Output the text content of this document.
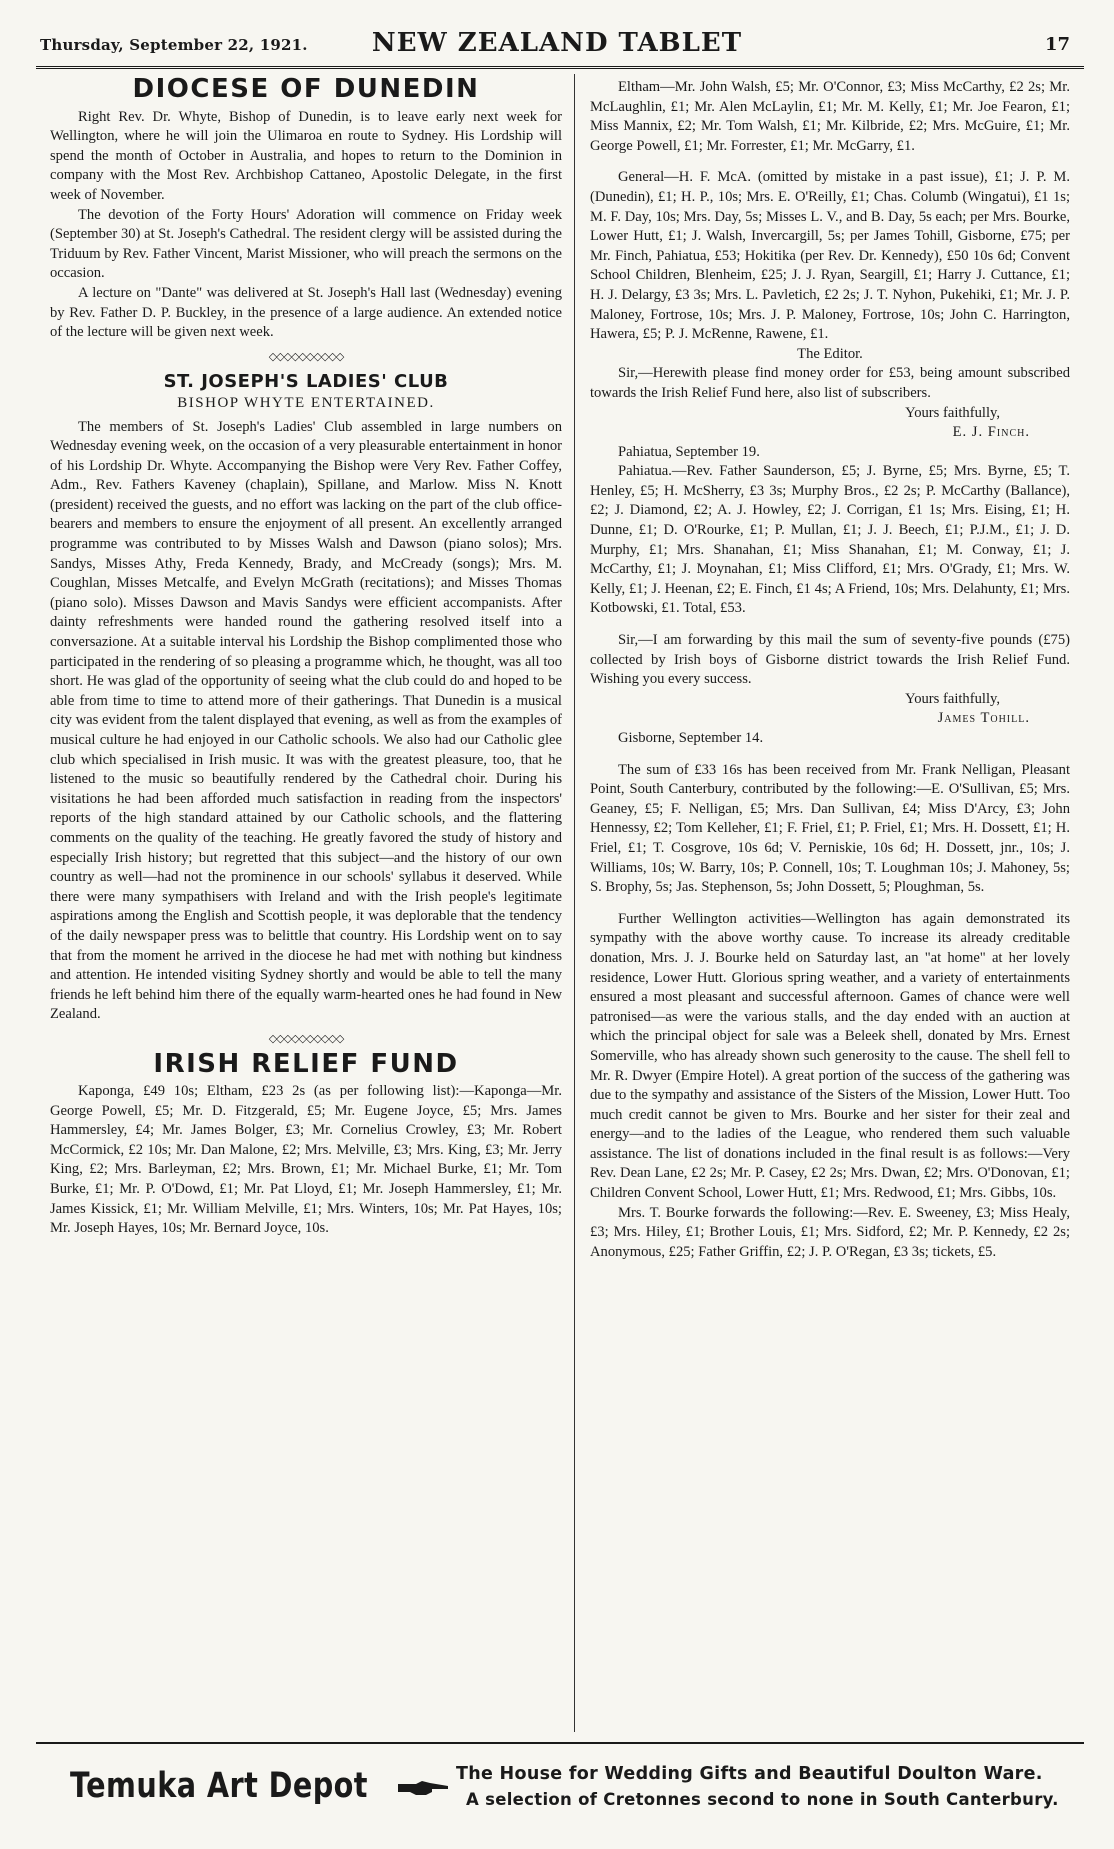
Thursday, September 22, 1921.	NEW ZEALAND TABLET	17
DIOCESE OF DUNEDIN

Right Rev. Dr. Whyte, Bishop of Dunedin, is to leave early next week for Wellington, where he will join the Ulimaroa en route to Sydney. His Lordship will spend the month of October in Australia, and hopes to return to the Dominion in company with the Most Rev. Archbishop Cattaneo, Apostolic Delegate, in the first week of November.

The devotion of the Forty Hours' Adoration will commence on Friday week (September 30) at St. Joseph's Cathedral. The resident clergy will be assisted during the Triduum by Rev. Father Vincent, Marist Missioner, who will preach the sermons on the occasion.

A lecture on "Dante" was delivered at St. Joseph's Hall last (Wednesday) evening by Rev. Father D. P. Buckley, in the presence of a large audience. An extended notice of the lecture will be given next week.

◇◇◇◇◇◇◇◇◇◇
ST. JOSEPH'S LADIES' CLUB
BISHOP WHYTE ENTERTAINED.

The members of St. Joseph's Ladies' Club assembled in large numbers on Wednesday evening week, on the occasion of a very pleasurable entertainment in honor of his Lordship Dr. Whyte. Accompanying the Bishop were Very Rev. Father Coffey, Adm., Rev. Fathers Kaveney (chaplain), Spillane, and Marlow. Miss N. Knott (president) received the guests, and no effort was lacking on the part of the club office-bearers and members to ensure the enjoyment of all present. An excellently arranged programme was contributed to by Misses Walsh and Dawson (piano solos); Mrs. Sandys, Misses Athy, Freda Kennedy, Brady, and McCready (songs); Mrs. M. Coughlan, Misses Metcalfe, and Evelyn McGrath (recitations); and Misses Thomas (piano solo). Misses Dawson and Mavis Sandys were efficient accompanists. After dainty refreshments were handed round the gathering resolved itself into a conversazione. At a suitable interval his Lordship the Bishop complimented those who participated in the rendering of so pleasing a programme which, he thought, was all too short. He was glad of the opportunity of seeing what the club could do and hoped to be able from time to time to attend more of their gatherings. That Dunedin is a musical city was evident from the talent displayed that evening, as well as from the examples of musical culture he had enjoyed in our Catholic schools. We also had our Catholic glee club which specialised in Irish music. It was with the greatest pleasure, too, that he listened to the music so beautifully rendered by the Cathedral choir. During his visitations he had been afforded much satisfaction in reading from the inspectors' reports of the high standard attained by our Catholic schools, and the flattering comments on the quality of the teaching. He greatly favored the study of history and especially Irish history; but regretted that this subject—and the history of our own country as well—had not the prominence in our schools' syllabus it deserved. While there were many sympathisers with Ireland and with the Irish people's legitimate aspirations among the English and Scottish people, it was deplorable that the tendency of the daily newspaper press was to belittle that country. His Lordship went on to say that from the moment he arrived in the diocese he had met with nothing but kindness and attention. He intended visiting Sydney shortly and would be able to tell the many friends he left behind him there of the equally warm-hearted ones he had found in New Zealand.

◇◇◇◇◇◇◇◇◇◇
IRISH RELIEF FUND

Kaponga, £49 10s; Eltham, £23 2s (as per following list):—Kaponga—Mr. George Powell, £5; Mr. D. Fitzgerald, £5; Mr. Eugene Joyce, £5; Mrs. James Hammersley, £4; Mr. James Bolger, £3; Mr. Cornelius Crowley, £3; Mr. Robert McCormick, £2 10s; Mr. Dan Malone, £2; Mrs. Melville, £3; Mrs. King, £3; Mr. Jerry King, £2; Mrs. Barleyman, £2; Mrs. Brown, £1; Mr. Michael Burke, £1; Mr. Tom Burke, £1; Mr. P. O'Dowd, £1; Mr. Pat Lloyd, £1; Mr. Joseph Hammersley, £1; Mr. James Kissick, £1; Mr. William Melville, £1; Mrs. Winters, 10s; Mr. Pat Hayes, 10s; Mr. Joseph Hayes, 10s; Mr. Bernard Joyce, 10s.

Eltham—Mr. John Walsh, £5; Mr. O'Connor, £3; Miss McCarthy, £2 2s; Mr. McLaughlin, £1; Mr. Alen McLaylin, £1; Mr. M. Kelly, £1; Mr. Joe Fearon, £1; Miss Mannix, £2; Mr. Tom Walsh, £1; Mr. Kilbride, £2; Mrs. McGuire, £1; Mr. George Powell, £1; Mr. Forrester, £1; Mr. McGarry, £1.

General—H. F. McA. (omitted by mistake in a past issue), £1; J. P. M. (Dunedin), £1; H. P., 10s; Mrs. E. O'Reilly, £1; Chas. Columb (Wingatui), £1 1s; M. F. Day, 10s; Mrs. Day, 5s; Misses L. V., and B. Day, 5s each; per Mrs. Bourke, Lower Hutt, £1; J. Walsh, Invercargill, 5s; per James Tohill, Gisborne, £75; per Mr. Finch, Pahiatua, £53; Hokitika (per Rev. Dr. Kennedy), £50 10s 6d; Convent School Children, Blenheim, £25; J. J. Ryan, Seargill, £1; Harry J. Cuttance, £1; H. J. Delargy, £3 3s; Mrs. L. Pavletich, £2 2s; J. T. Nyhon, Pukehiki, £1; Mr. J. P. Maloney, Fortrose, 10s; Mrs. J. P. Maloney, Fortrose, 10s; John C. Harrington, Hawera, £5; P. J. McRenne, Rawene, £1.

The Editor.

Sir,—Herewith please find money order for £53, being amount subscribed towards the Irish Relief Fund here, also list of subscribers.

Yours faithfully,

E. J. Finch.

Pahiatua, September 19.

Pahiatua.—Rev. Father Saunderson, £5; J. Byrne, £5; Mrs. Byrne, £5; T. Henley, £5; H. McSherry, £3 3s; Murphy Bros., £2 2s; P. McCarthy (Ballance), £2; J. Diamond, £2; A. J. Howley, £2; J. Corrigan, £1 1s; Mrs. Eising, £1; H. Dunne, £1; D. O'Rourke, £1; P. Mullan, £1; J. J. Beech, £1; P.J.M., £1; J. D. Murphy, £1; Mrs. Shanahan, £1; Miss Shanahan, £1; M. Conway, £1; J. McCarthy, £1; J. Moynahan, £1; Miss Clifford, £1; Mrs. O'Grady, £1; Mrs. W. Kelly, £1; J. Heenan, £2; E. Finch, £1 4s; A Friend, 10s; Mrs. Delahunty, £1; Mrs. Kotbowski, £1. Total, £53.

Sir,—I am forwarding by this mail the sum of seventy-five pounds (£75) collected by Irish boys of Gisborne district towards the Irish Relief Fund. Wishing you every success.

Yours faithfully,

James Tohill.

Gisborne, September 14.

The sum of £33 16s has been received from Mr. Frank Nelligan, Pleasant Point, South Canterbury, contributed by the following:—E. O'Sullivan, £5; Mrs. Geaney, £5; F. Nelligan, £5; Mrs. Dan Sullivan, £4; Miss D'Arcy, £3; John Hennessy, £2; Tom Kelleher, £1; F. Friel, £1; P. Friel, £1; Mrs. H. Dossett, £1; H. Friel, £1; T. Cosgrove, 10s 6d; V. Perniskie, 10s 6d; H. Dossett, jnr., 10s; J. Williams, 10s; W. Barry, 10s; P. Connell, 10s; T. Loughman 10s; J. Mahoney, 5s; S. Brophy, 5s; Jas. Stephenson, 5s; John Dossett, 5; Ploughman, 5s.

Further Wellington activities—Wellington has again demonstrated its sympathy with the above worthy cause. To increase its already creditable donation, Mrs. J. J. Bourke held on Saturday last, an "at home" at her lovely residence, Lower Hutt. Glorious spring weather, and a variety of entertainments ensured a most pleasant and successful afternoon. Games of chance were well patronised—as were the various stalls, and the day ended with an auction at which the principal object for sale was a Beleek shell, donated by Mrs. Ernest Somerville, who has already shown such generosity to the cause. The shell fell to Mr. R. Dwyer (Empire Hotel). A great portion of the success of the gathering was due to the sympathy and assistance of the Sisters of the Mission, Lower Hutt. Too much credit cannot be given to Mrs. Bourke and her sister for their zeal and energy—and to the ladies of the League, who rendered them such valuable assistance. The list of donations included in the final result is as follows:—Very Rev. Dean Lane, £2 2s; Mr. P. Casey, £2 2s; Mrs. Dwan, £2; Mrs. O'Donovan, £1; Children Convent School, Lower Hutt, £1; Mrs. Redwood, £1; Mrs. Gibbs, 10s.

Mrs. T. Bourke forwards the following:—Rev. E. Sweeney, £3; Miss Healy, £3; Mrs. Hiley, £1; Brother Louis, £1; Mrs. Sidford, £2; Mr. P. Kennedy, £2 2s; Anonymous, £25; Father Griffin, £2; J. P. O'Regan, £3 3s; tickets, £5.

Temuka Art Depot	The House for Wedding Gifts and Beautiful Doulton Ware.
A selection of Cretonnes second to none in South Canterbury.
